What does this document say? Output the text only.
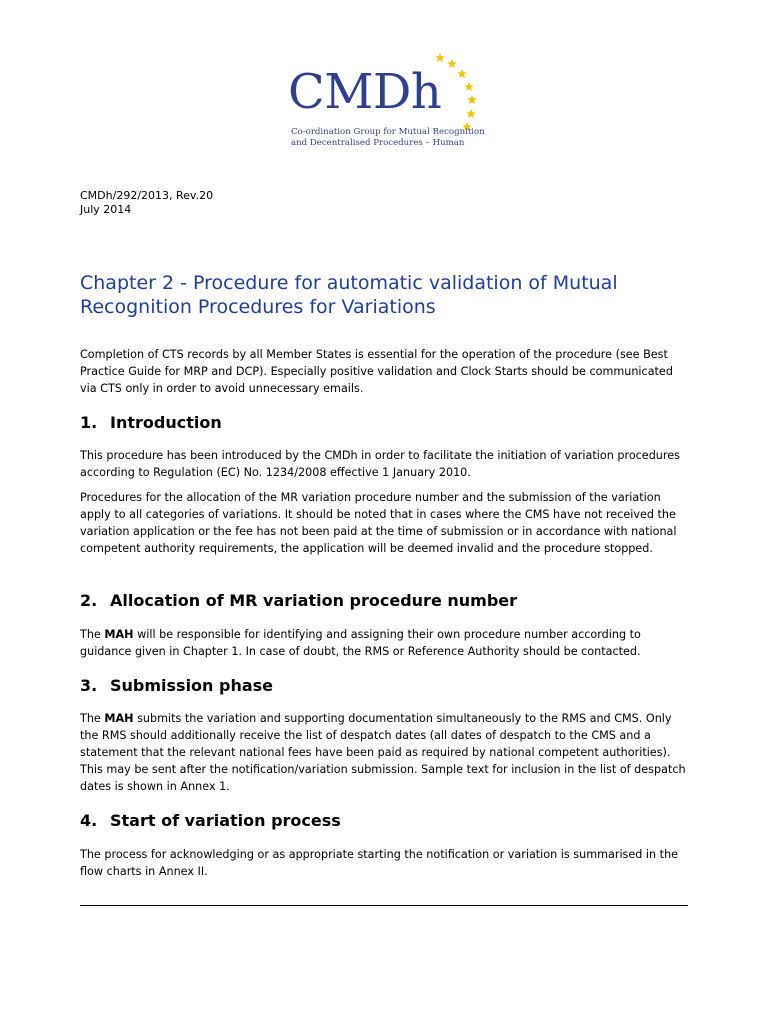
CMDh
Co-ordination Group for Mutual Recognition
and Decentralised Procedures – Human
CMDh/292/2013, Rev.20
July 2014
Chapter 2 - Procedure for automatic validation of Mutual Recognition Procedures for Variations

Completion of CTS records by all Member States is essential for the operation of the procedure (see Best Practice Guide for MRP and DCP). Especially positive validation and Clock Starts should be communicated via CTS only in order to avoid unnecessary emails.

1. Introduction

This procedure has been introduced by the CMDh in order to facilitate the initiation of variation procedures according to Regulation (EC) No. 1234/2008 effective 1 January 2010.

Procedures for the allocation of the MR variation procedure number and the submission of the variation apply to all categories of variations. It should be noted that in cases where the CMS have not received the variation application or the fee has not been paid at the time of submission or in accordance with national competent authority requirements, the application will be deemed invalid and the procedure stopped.

2. Allocation of MR variation procedure number

The MAH will be responsible for identifying and assigning their own procedure number according to guidance given in Chapter 1. In case of doubt, the RMS or Reference Authority should be contacted.

3. Submission phase

The MAH submits the variation and supporting documentation simultaneously to the RMS and CMS. Only the RMS should additionally receive the list of despatch dates (all dates of despatch to the CMS and a statement that the relevant national fees have been paid as required by national competent authorities). This may be sent after the notification/variation submission. Sample text for inclusion in the list of despatch dates is shown in Annex 1.

4. Start of variation process

The process for acknowledging or as appropriate starting the notification or variation is summarised in the flow charts in Annex II.
